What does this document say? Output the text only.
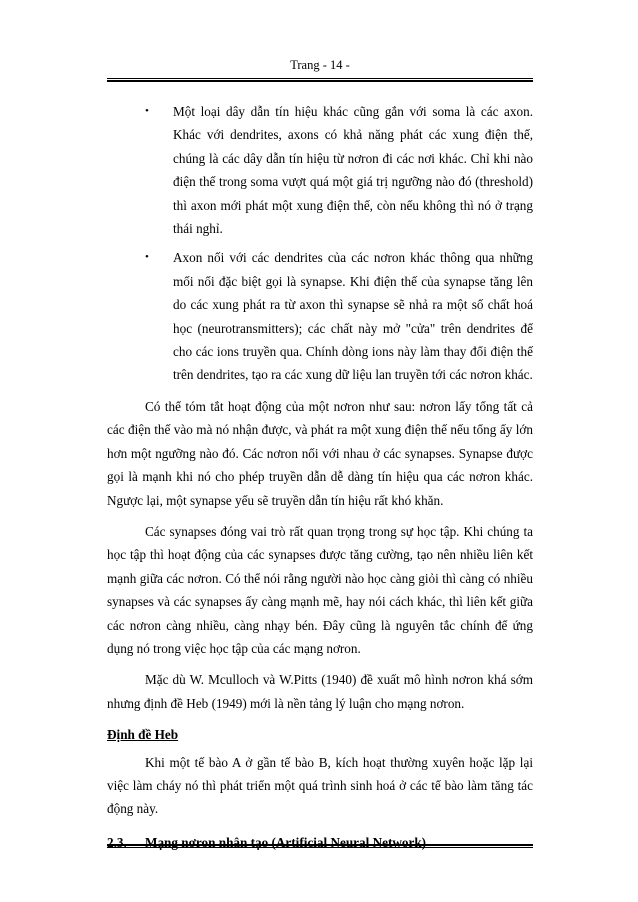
Trang - 14 -
•	Một loại dây dẫn tín hiệu khác cũng gắn với soma là các axon. Khác với dendrites, axons có khả năng phát các xung điện thế, chúng là các dây dẫn tín hiệu từ nơron đi các nơi khác. Chỉ khi nào điện thế trong soma vượt quá một giá trị ngưỡng nào đó (threshold) thì axon mới phát một xung điện thế, còn nếu không thì nó ở trạng thái nghỉ.
•	Axon nối với các dendrites của các nơron khác thông qua những mối nối đặc biệt gọi là synapse. Khi điện thế của synapse tăng lên do các xung phát ra từ axon thì synapse sẽ nhả ra một số chất hoá học (neurotransmitters); các chất này mở "cửa" trên dendrites để cho các ions truyền qua. Chính dòng ions này làm thay đổi điện thế trên dendrites, tạo ra các xung dữ liệu lan truyền tới các nơron khác.

Có thể tóm tắt hoạt động của một nơron như sau: nơron lấy tổng tất cả các điện thế vào mà nó nhận được, và phát ra một xung điện thế nếu tổng ấy lớn hơn một ngưỡng nào đó. Các nơron nối với nhau ở các synapses. Synapse được gọi là mạnh khi nó cho phép truyền dẫn dễ dàng tín hiệu qua các nơron khác. Ngược lại, một synapse yếu sẽ truyền dẫn tín hiệu rất khó khăn.

Các synapses đóng vai trò rất quan trọng trong sự học tập. Khi chúng ta học tập thì hoạt động của các synapses được tăng cường, tạo nên nhiều liên kết mạnh giữa các nơron. Có thể nói rằng người nào học càng giỏi thì càng có nhiều synapses và các synapses ấy càng mạnh mẽ, hay nói cách khác, thì liên kết giữa các nơron càng nhiều, càng nhạy bén. Đây cũng là nguyên tắc chính để ứng dụng nó trong việc học tập của các mạng nơron.

Mặc dù W. Mculloch và W.Pitts (1940) đề xuất mô hình nơron khá sớm nhưng định đề Heb (1949) mới là nền tảng lý luận cho mạng nơron.

Định đề Heb

Khi một tế bào A ở gần tế bào B, kích hoạt thường xuyên hoặc lặp lại việc làm cháy nó thì phát triển một quá trình sinh hoá ở các tế bào làm tăng tác động này.

2.3.	Mạng nơron nhân tạo (Artificial Neural Network)
